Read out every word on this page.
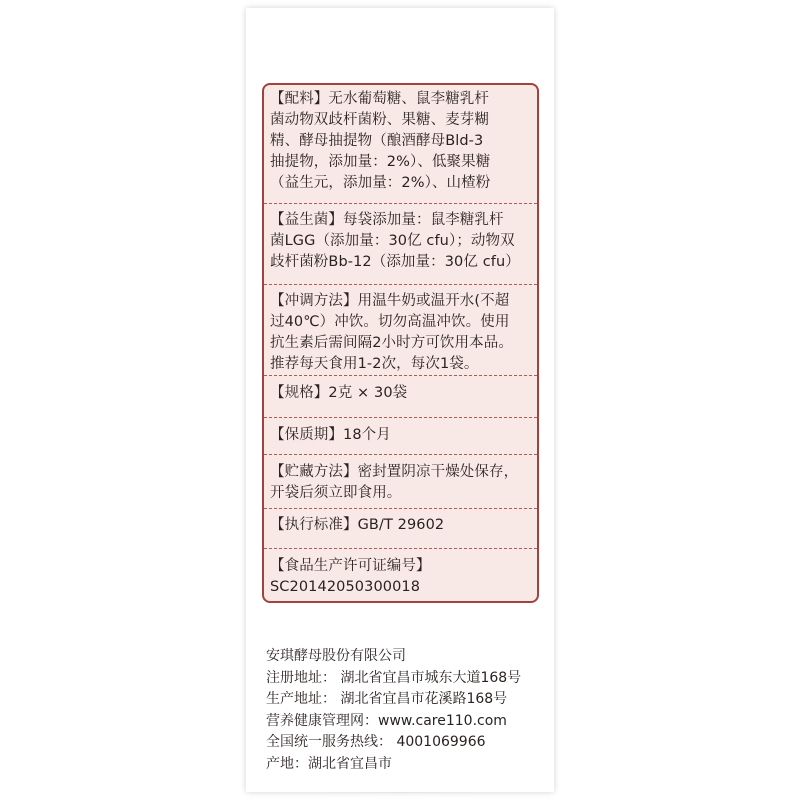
【配料】无水葡萄糖、鼠李糖乳杆
菌动物双歧杆菌粉、果糖、麦芽糊
精、酵母抽提物（酿酒酵母Bld-3
抽提物，添加量：2%）、低聚果糖
（益生元，添加量：2%）、山楂粉
【益生菌】每袋添加量：鼠李糖乳杆
菌LGG（添加量：30亿 cfu）；动物双
歧杆菌粉Bb-12（添加量：30亿 cfu）
【冲调方法】用温牛奶或温开水(不超
过40℃）冲饮。切勿高温冲饮。使用
抗生素后需间隔2小时方可饮用本品。
推荐每天食用1-2次，每次1袋。
【规格】2克 × 30袋
【保质期】18个月
【贮藏方法】密封置阴凉干燥处保存，
开袋后须立即食用。
【执行标准】GB/T 29602
【食品生产许可证编号】
SC20142050300018
安琪酵母股份有限公司
注册地址： 湖北省宜昌市城东大道168号
生产地址： 湖北省宜昌市花溪路168号
营养健康管理网：www.care110.com
全国统一服务热线： 4001069966
产地：湖北省宜昌市
